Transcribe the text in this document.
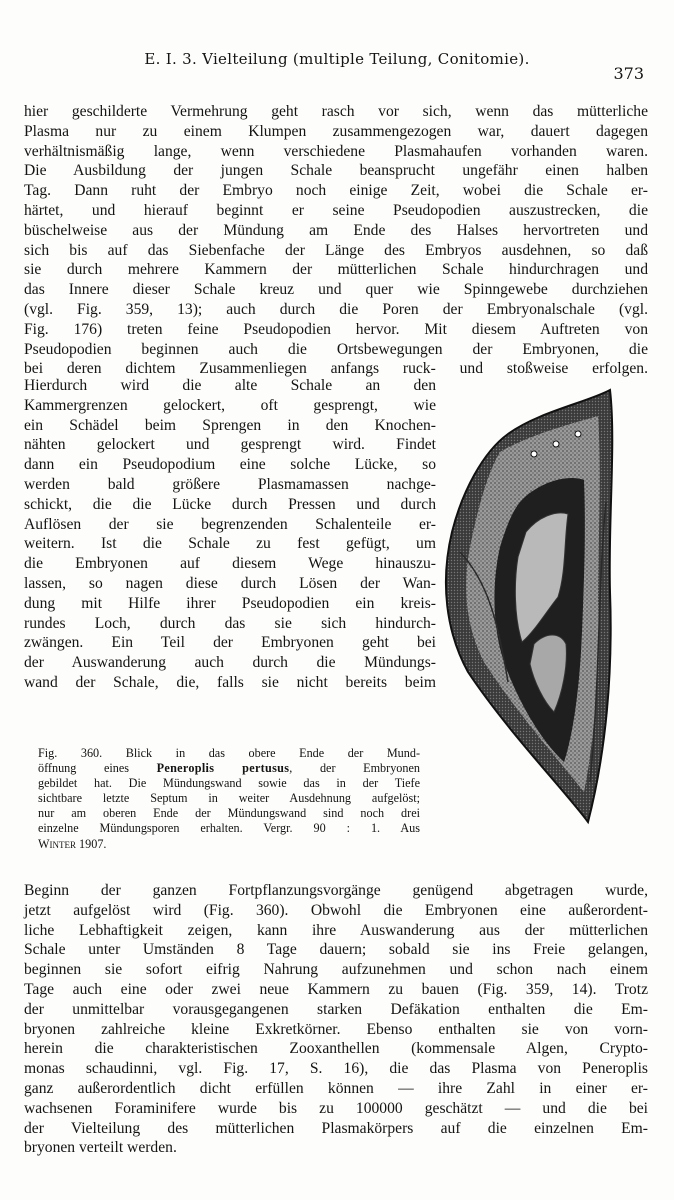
E. I. 3. Vielteilung (multiple Teilung, Conitomie).
373
hier geschilderte Vermehrung geht rasch vor sich, wenn das mütterliche
Plasma nur zu einem Klumpen zusammengezogen war, dauert dagegen
verhältnismäßig lange, wenn verschiedene Plasmahaufen vorhanden waren.
Die Ausbildung der jungen Schale beansprucht ungefähr einen halben
Tag. Dann ruht der Embryo noch einige Zeit, wobei die Schale er-
härtet, und hierauf beginnt er seine Pseudopodien auszustrecken, die
büschelweise aus der Mündung am Ende des Halses hervortreten und
sich bis auf das Siebenfache der Länge des Embryos ausdehnen, so daß
sie durch mehrere Kammern der mütterlichen Schale hindurchragen und
das Innere dieser Schale kreuz und quer wie Spinngewebe durchziehen
(vgl. Fig. 359, 13); auch durch die Poren der Embryonalschale (vgl.
Fig. 176) treten feine Pseudopodien hervor. Mit diesem Auftreten von
Pseudopodien beginnen auch die Ortsbewegungen der Embryonen, die
bei deren dichtem Zusammenliegen anfangs ruck- und stoßweise erfolgen.
Hierdurch wird die alte Schale an den
Kammergrenzen gelockert, oft gesprengt, wie
ein Schädel beim Sprengen in den Knochen-
nähten gelockert und gesprengt wird. Findet
dann ein Pseudopodium eine solche Lücke, so
werden bald größere Plasmamassen nachge-
schickt, die die Lücke durch Pressen und durch
Auflösen der sie begrenzenden Schalenteile er-
weitern. Ist die Schale zu fest gefügt, um
die Embryonen auf diesem Wege hinauszu-
lassen, so nagen diese durch Lösen der Wan-
dung mit Hilfe ihrer Pseudopodien ein kreis-
rundes Loch, durch das sie sich hindurch-
zwängen. Ein Teil der Embryonen geht bei
der Auswanderung auch durch die Mündungs-
wand der Schale, die, falls sie nicht bereits beim
Fig. 360. Blick in das obere Ende der Mund-
öffnung eines Peneroplis pertusus, der Embryonen
gebildet hat. Die Mündungswand sowie das in der Tiefe
sichtbare letzte Septum in weiter Ausdehnung aufgelöst;
nur am oberen Ende der Mündungswand sind noch drei
einzelne Mündungsporen erhalten. Vergr. 90 : 1. Aus
Winter 1907.
Beginn der ganzen Fortpflanzungsvorgänge genügend abgetragen wurde,
jetzt aufgelöst wird (Fig. 360). Obwohl die Embryonen eine außerordent-
liche Lebhaftigkeit zeigen, kann ihre Auswanderung aus der mütterlichen
Schale unter Umständen 8 Tage dauern; sobald sie ins Freie gelangen,
beginnen sie sofort eifrig Nahrung aufzunehmen und schon nach einem
Tage auch eine oder zwei neue Kammern zu bauen (Fig. 359, 14). Trotz
der unmittelbar vorausgegangenen starken Defäkation enthalten die Em-
bryonen zahlreiche kleine Exkretkörner. Ebenso enthalten sie von vorn-
herein die charakteristischen Zooxanthellen (kommensale Algen, Crypto-
monas schaudinni, vgl. Fig. 17, S. 16), die das Plasma von Peneroplis
ganz außerordentlich dicht erfüllen können — ihre Zahl in einer er-
wachsenen Foraminifere wurde bis zu 100000 geschätzt — und die bei
der Vielteilung des mütterlichen Plasmakörpers auf die einzelnen Em-
bryonen verteilt werden.
